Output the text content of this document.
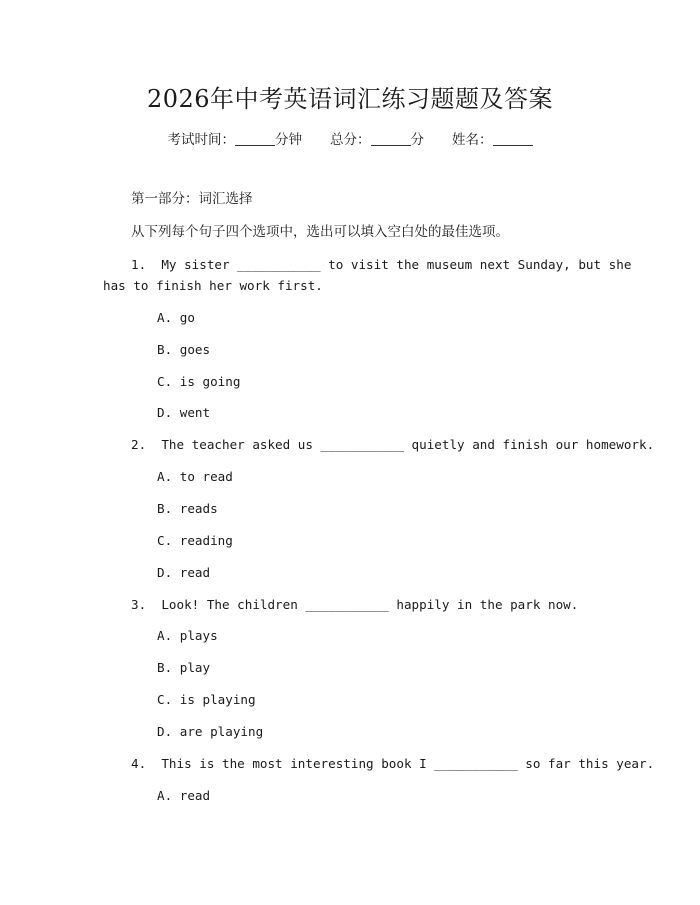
2026年中考英语词汇练习题题及答案
考试时间：	分钟 总分：	分 姓名：
第一部分：词汇选择
从下列每个句子四个选项中，选出可以填入空白处的最佳选项。
1.  My sister ___________ to visit the museum next Sunday, but she
has to finish her work first.
A. go
B. goes
C. is going
D. went
2.  The teacher asked us ___________ quietly and finish our homework.
A. to read
B. reads
C. reading
D. read
3.  Look! The children ___________ happily in the park now.
A. plays
B. play
C. is playing
D. are playing
4.  This is the most interesting book I ___________ so far this year.
A. read
